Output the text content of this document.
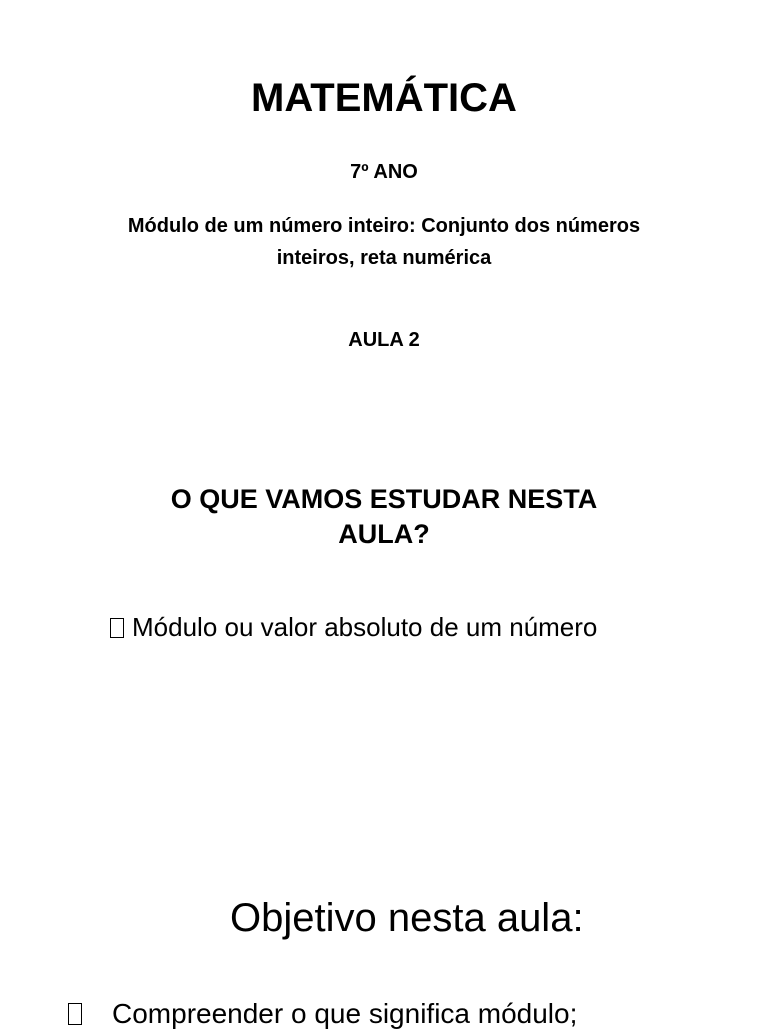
MATEMÁTICA
7º ANO
Módulo de um número inteiro: Conjunto dos números inteiros, reta numérica
AULA 2
O QUE VAMOS ESTUDAR NESTA AULA?
Módulo ou valor absoluto de um número
Objetivo nesta aula:
Compreender o que significa módulo;
